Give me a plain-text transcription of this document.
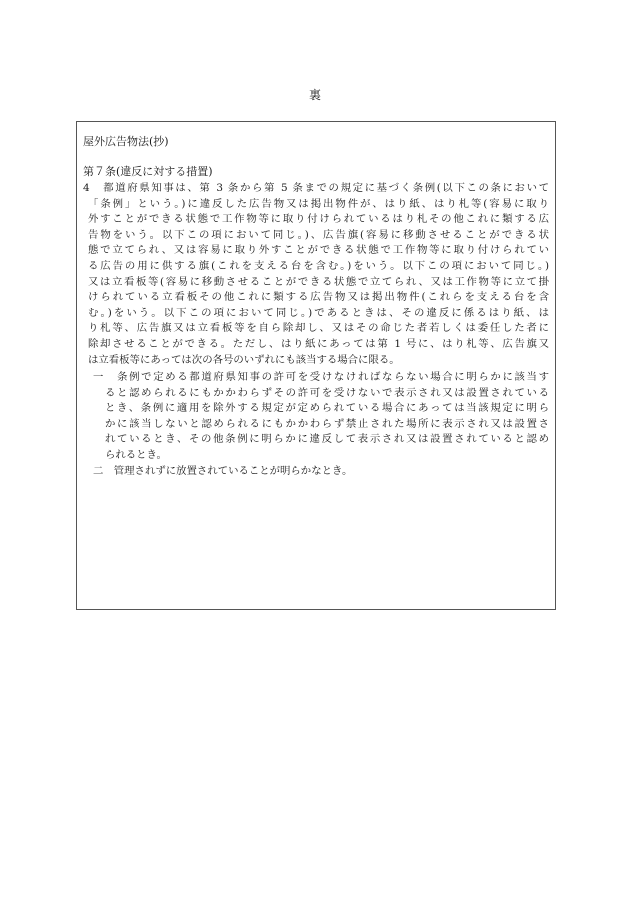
裏
屋外広告物法(抄)
第７条(違反に対する措置)
4　都道府県知事は、第 3 条から第 5 条までの規定に基づく条例(以下この条において
「条例」という。)に違反した広告物又は掲出物件が、はり紙、はり札等(容易に取り
外すことができる状態で工作物等に取り付けられているはり札その他これに類する広
告物をいう。以下この項において同じ。)、広告旗(容易に移動させることができる状
態で立てられ、又は容易に取り外すことができる状態で工作物等に取り付けられてい
る広告の用に供する旗(これを支える台を含む。)をいう。以下この項において同じ。)
又は立看板等(容易に移動させることができる状態で立てられ、又は工作物等に立て掛
けられている立看板その他これに類する広告物又は掲出物件(これらを支える台を含
む。)をいう。以下この項において同じ。)であるときは、その違反に係るはり紙、は
り札等、広告旗又は立看板等を自ら除却し、又はその命じた者若しくは委任した者に
除却させることができる。ただし、はり紙にあっては第 1 号に、はり札等、広告旗又
は立看板等にあっては次の各号のいずれにも該当する場合に限る。
一　条例で定める都道府県知事の許可を受けなければならない場合に明らかに該当す
ると認められるにもかかわらずその許可を受けないで表示され又は設置されている
とき、条例に適用を除外する規定が定められている場合にあっては当該規定に明ら
かに該当しないと認められるにもかかわらず禁止された場所に表示され又は設置さ
れているとき、その他条例に明らかに違反して表示され又は設置されていると認め
られるとき。
二　管理されずに放置されていることが明らかなとき。
